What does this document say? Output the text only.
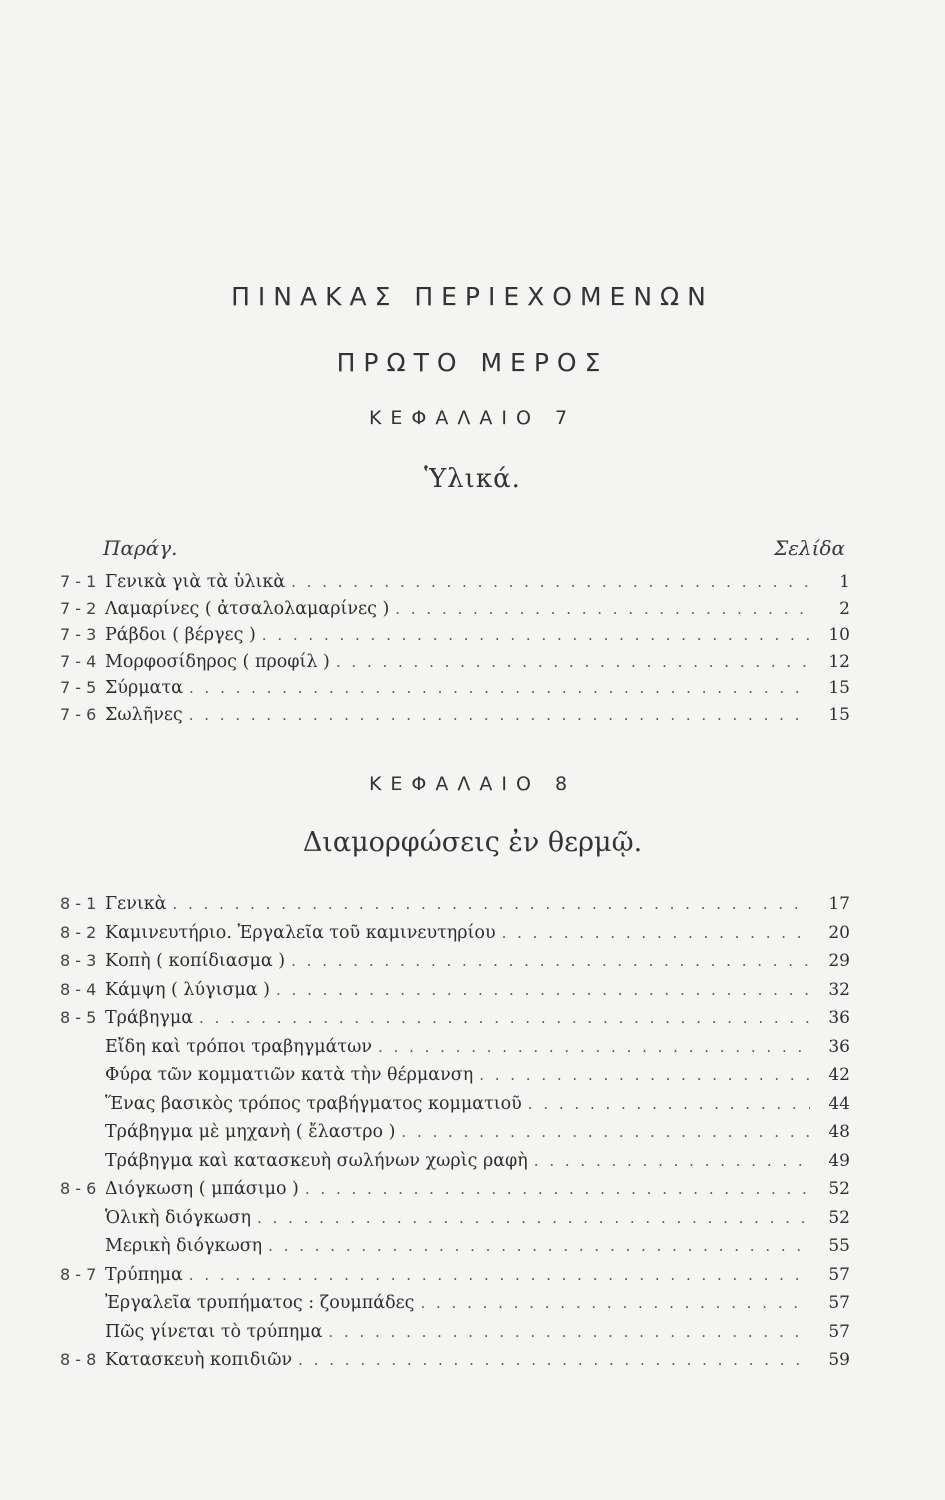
ΠΙΝΑΚΑΣ ΠΕΡΙΕΧΟΜΕΝΩΝ
ΠΡΩΤΟ ΜΕΡΟΣ
ΚΕΦΑΛΑΙΟ 7
Ὑλικά.
Παράγ.	Σελίδα
7 - 1 Γενικὰ γιὰ τὰ ὑλικὰ . . .	1
7 - 2 Λαμαρίνες ( ἀτσαλολαμαρίνες ) . . .	2
7 - 3 Ράβδοι ( βέργες ) . . .	10
7 - 4 Μορφοσίδηρος ( προφίλ ) . . .	12
7 - 5 Σύρματα . . .	15
7 - 6 Σωλῆνες . . .	15
ΚΕΦΑΛΑΙΟ 8
Διαμορφώσεις ἐν θερμῷ.
8 - 1 Γενικὰ . . .	17
8 - 2 Καμινευτήριο. Ἐργαλεῖα τοῦ καμινευτηρίου . . .	20
8 - 3 Κοπὴ ( κοπίδιασμα ) . . .	29
8 - 4 Κάμψη ( λύγισμα ) . . .	32
8 - 5 Τράβηγμα . . .	36
Εἴδη καὶ τρόποι τραβηγμάτων . . .	36
Φύρα τῶν κομματιῶν κατὰ τὴν θέρμανση . . .	42
Ἕνας βασικὸς τρόπος τραβήγματος κομματιοῦ . . .	44
Τράβηγμα μὲ μηχανὴ ( ἔλαστρο ) . . .	48
Τράβηγμα καὶ κατασκευὴ σωλήνων χωρὶς ραφὴ . . .	49
8 - 6 Διόγκωση ( μπάσιμο ) . . .	52
Ὁλικὴ διόγκωση . . .	52
Μερικὴ διόγκωση . . .	55
8 - 7 Τρύπημα . . .	57
Ἐργαλεῖα τρυπήματος : ζουμπάδες . . .	57
Πῶς γίνεται τὸ τρύπημα . . .	57
8 - 8 Κατασκευὴ κοπιδιῶν . . .	59
